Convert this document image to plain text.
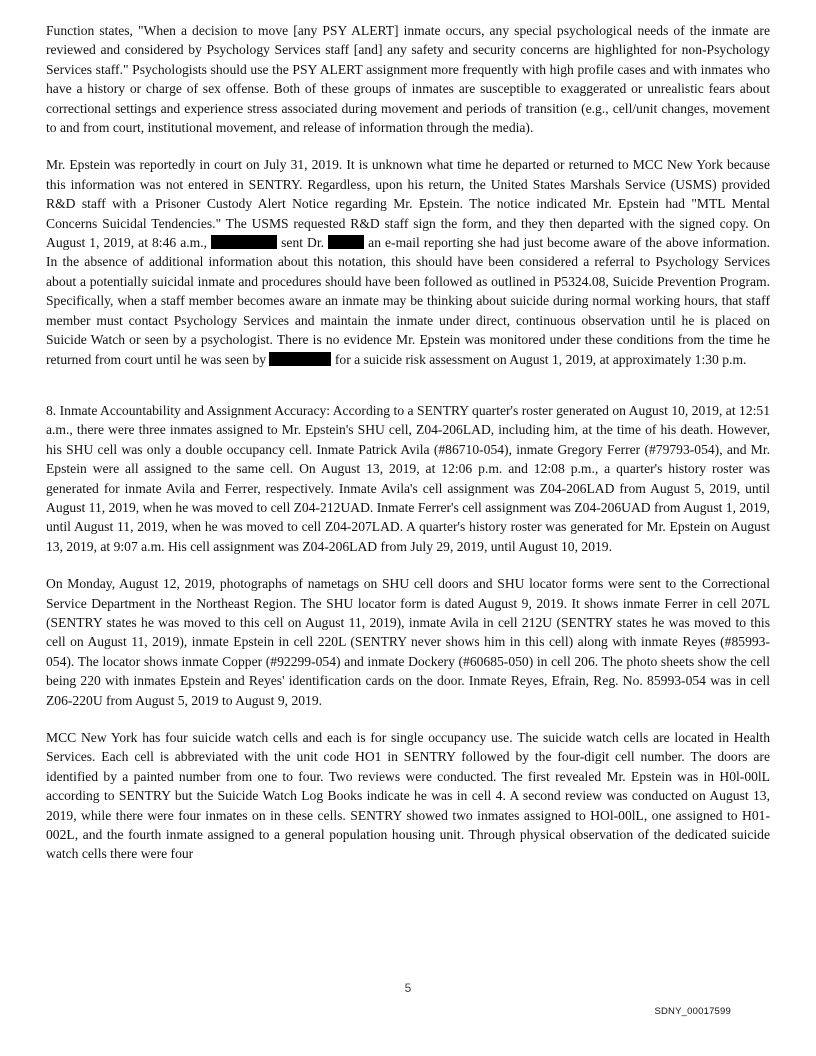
Function states, "When a decision to move [any PSY ALERT] inmate occurs, any special psychological needs of the inmate are reviewed and considered by Psychology Services staff [and] any safety and security concerns are highlighted for non-Psychology Services staff." Psychologists should use the PSY ALERT assignment more frequently with high profile cases and with inmates who have a history or charge of sex offense. Both of these groups of inmates are susceptible to exaggerated or unrealistic fears about correctional settings and experience stress associated during movement and periods of transition (e.g., cell/unit changes, movement to and from court, institutional movement, and release of information through the media).

Mr. Epstein was reportedly in court on July 31, 2019. It is unknown what time he departed or returned to MCC New York because this information was not entered in SENTRY. Regardless, upon his return, the United States Marshals Service (USMS) provided R&D staff with a Prisoner Custody Alert Notice regarding Mr. Epstein. The notice indicated Mr. Epstein had "MTL Mental Concerns Suicidal Tendencies." The USMS requested R&D staff sign the form, and they then departed with the signed copy. On August 1, 2019, at 8:46 a.m.,	sent Dr.	an e-mail reporting she had just become aware of the above information. In the absence of additional information about this notation, this should have been considered a referral to Psychology Services about a potentially suicidal inmate and procedures should have been followed as outlined in P5324.08, Suicide Prevention Program. Specifically, when a staff member becomes aware an inmate may be thinking about suicide during normal working hours, that staff member must contact Psychology Services and maintain the inmate under direct, continuous observation until he is placed on Suicide Watch or seen by a psychologist. There is no evidence Mr. Epstein was monitored under these conditions from the time he returned from court until he was seen by	for a suicide risk assessment on August 1, 2019, at approximately 1:30 p.m.

8. Inmate Accountability and Assignment Accuracy: According to a SENTRY quarter's roster generated on August 10, 2019, at 12:51 a.m., there were three inmates assigned to Mr. Epstein's SHU cell, Z04-206LAD, including him, at the time of his death. However, his SHU cell was only a double occupancy cell. Inmate Patrick Avila (#86710-054), inmate Gregory Ferrer (#79793-054), and Mr. Epstein were all assigned to the same cell. On August 13, 2019, at 12:06 p.m. and 12:08 p.m., a quarter's history roster was generated for inmate Avila and Ferrer, respectively. Inmate Avila's cell assignment was Z04-206LAD from August 5, 2019, until August 11, 2019, when he was moved to cell Z04-212UAD. Inmate Ferrer's cell assignment was Z04-206UAD from August 1, 2019, until August 11, 2019, when he was moved to cell Z04-207LAD. A quarter's history roster was generated for Mr. Epstein on August 13, 2019, at 9:07 a.m. His cell assignment was Z04-206LAD from July 29, 2019, until August 10, 2019.

On Monday, August 12, 2019, photographs of nametags on SHU cell doors and SHU locator forms were sent to the Correctional Service Department in the Northeast Region. The SHU locator form is dated August 9, 2019. It shows inmate Ferrer in cell 207L (SENTRY states he was moved to this cell on August 11, 2019), inmate Avila in cell 212U (SENTRY states he was moved to this cell on August 11, 2019), inmate Epstein in cell 220L (SENTRY never shows him in this cell) along with inmate Reyes (#85993- 054). The locator shows inmate Copper (#92299-054) and inmate Dockery (#60685-050) in cell 206. The photo sheets show the cell being 220 with inmates Epstein and Reyes' identification cards on the door. Inmate Reyes, Efrain, Reg. No. 85993-054 was in cell Z06-220U from August 5, 2019 to August 9, 2019.

MCC New York has four suicide watch cells and each is for single occupancy use. The suicide watch cells are located in Health Services. Each cell is abbreviated with the unit code HO1 in SENTRY followed by the four-digit cell number. The doors are identified by a painted number from one to four. Two reviews were conducted. The first revealed Mr. Epstein was in H0l-00lL according to SENTRY but the Suicide Watch Log Books indicate he was in cell 4. A second review was conducted on August 13, 2019, while there were four inmates on in these cells. SENTRY showed two inmates assigned to HOl-00lL, one assigned to H01-002L, and the fourth inmate assigned to a general population housing unit. Through physical observation of the dedicated suicide watch cells there were four

5
SDNY_00017599
